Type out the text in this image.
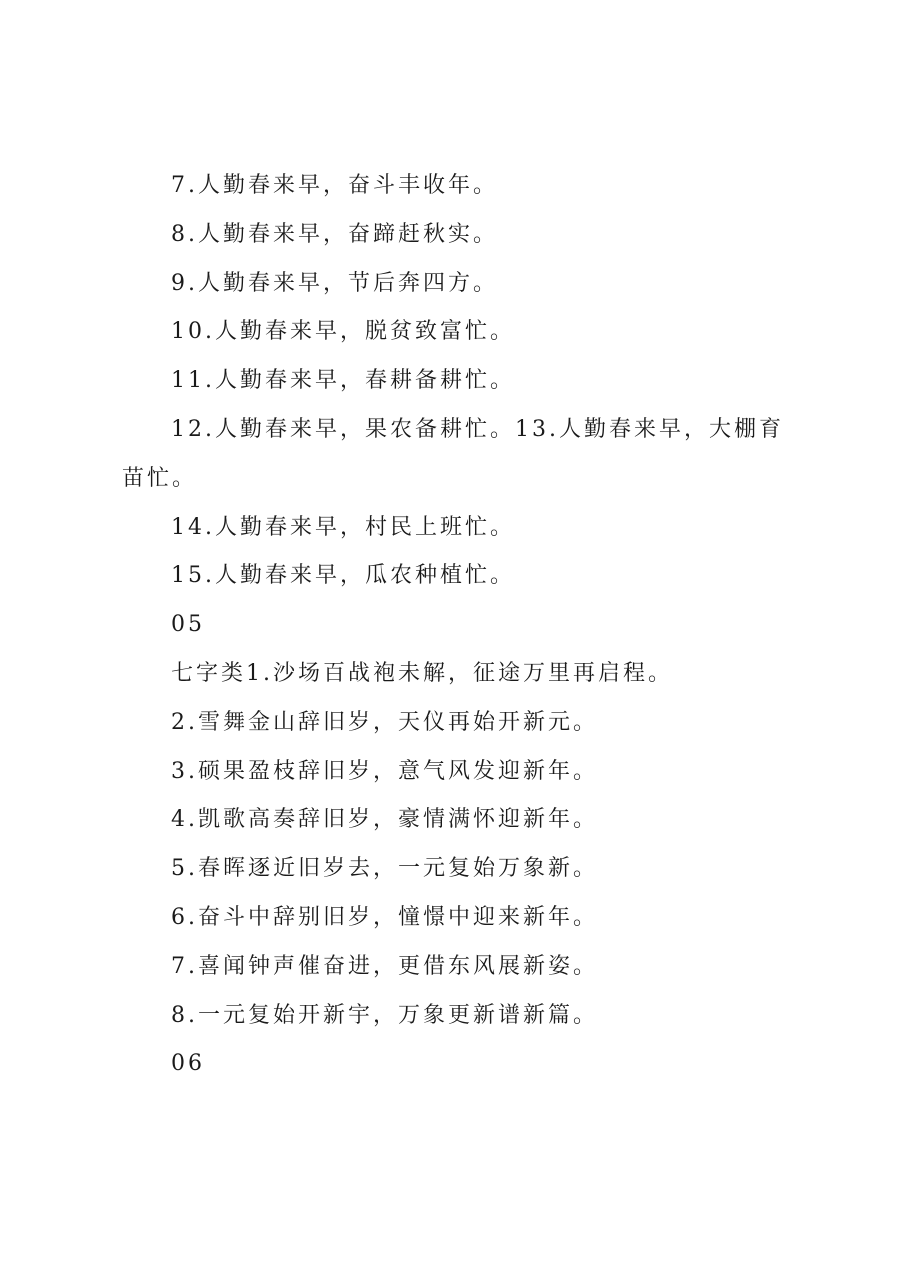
7.人勤春来早，奋斗丰收年。

8.人勤春来早，奋蹄赶秋实。

9.人勤春来早，节后奔四方。

10.人勤春来早，脱贫致富忙。

11.人勤春来早，春耕备耕忙。

12.人勤春来早，果农备耕忙。13.人勤春来早，大棚育苗忙。

14.人勤春来早，村民上班忙。

15.人勤春来早，瓜农种植忙。

05

七字类1.沙场百战袍未解，征途万里再启程。

2.雪舞金山辞旧岁，天仪再始开新元。

3.硕果盈枝辞旧岁，意气风发迎新年。

4.凯歌高奏辞旧岁，豪情满怀迎新年。

5.春晖逐近旧岁去，一元复始万象新。

6.奋斗中辞别旧岁，憧憬中迎来新年。

7.喜闻钟声催奋进，更借东风展新姿。

8.一元复始开新宇，万象更新谱新篇。

06
